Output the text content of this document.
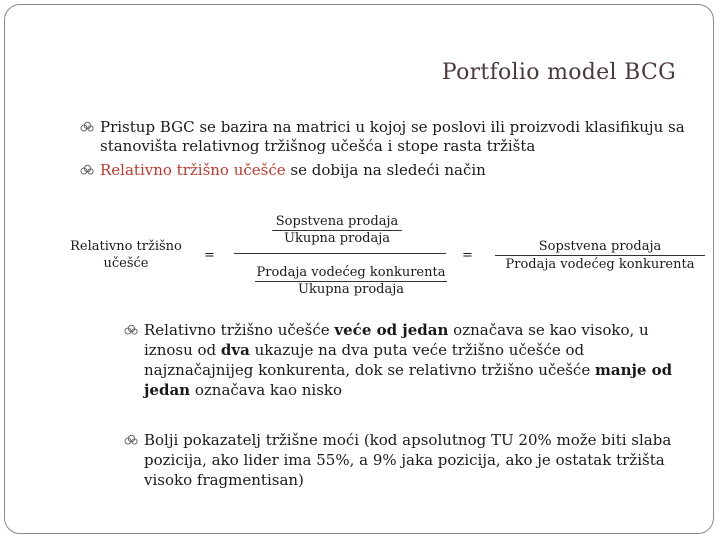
Portfolio model BCG
Pristup BGC se bazira na matrici u kojoj se poslovi ili proizvodi klasifikuju sa stanovišta relativnog tržišnog učešća i stope rasta tržišta
Relativno tržišno učešće se dobija na sledeći način
Relativno tržišno učešće
=
Sopstvena prodaja
Ukupna prodaja
Prodaja vodećeg konkurenta
Ukupna prodaja
=
Sopstvena prodaja
Prodaja vodećeg konkurenta
Relativno tržišno učešće veće od jedan označava se kao visoko, u iznosu od dva ukazuje na dva puta veće tržišno učešće od najznačajnijeg konkurenta, dok se relativno tržišno učešće manje od jedan označava kao nisko
Bolji pokazatelj tržišne moći (kod apsolutnog TU 20% može biti slaba pozicija, ako lider ima 55%, a 9% jaka pozicija, ako je ostatak tržišta visoko fragmentisan)
